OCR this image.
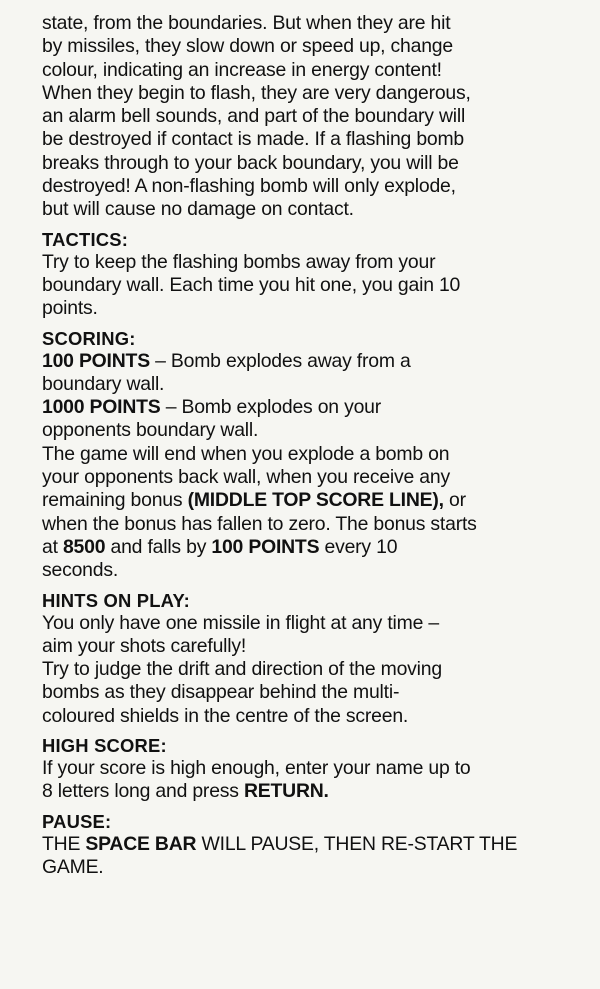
state, from the boundaries. But when they are hit
by missiles, they slow down or speed up, change
colour, indicating an increase in energy content!
When they begin to flash, they are very dangerous,
an alarm bell sounds, and part of the boundary will
be destroyed if contact is made. If a flashing bomb
breaks through to your back boundary, you will be
destroyed! A non-flashing bomb will only explode,
but will cause no damage on contact.
TACTICS:
Try to keep the flashing bombs away from your
boundary wall. Each time you hit one, you gain 10
points.
SCORING:
100 POINTS – Bomb explodes away from a
boundary wall.
1000 POINTS – Bomb explodes on your
opponents boundary wall.
The game will end when you explode a bomb on
your opponents back wall, when you receive any
remaining bonus (MIDDLE TOP SCORE LINE), or
when the bonus has fallen to zero. The bonus starts
at 8500 and falls by 100 POINTS every 10
seconds.
HINTS ON PLAY:
You only have one missile in flight at any time –
aim your shots carefully!
Try to judge the drift and direction of the moving
bombs as they disappear behind the multi-
coloured shields in the centre of the screen.
HIGH SCORE:
If your score is high enough, enter your name up to
8 letters long and press RETURN.
PAUSE:
THE SPACE BAR WILL PAUSE, THEN RE-START THE
GAME.
